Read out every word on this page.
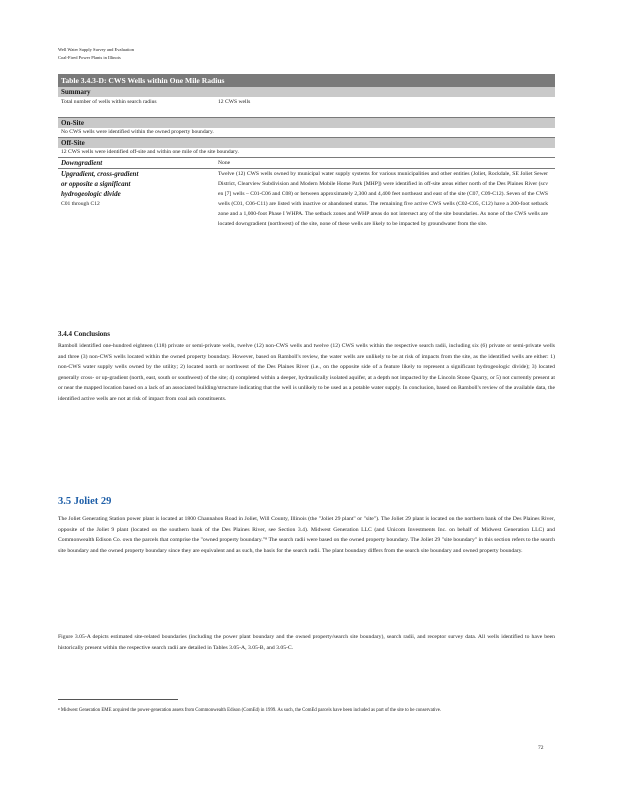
Well Water Supply Survey and Evaluation
Coal-Fired Power Plants in Illinois
Table 3.4.3-D: CWS Wells within One Mile Radius
Summary
Total number of wells within search radius	12 CWS wells
On-Site
No CWS wells were identified within the owned property boundary.
Off-Site
12 CWS wells were identified off-site and within one mile of the site boundary.
Downgradient	None
Upgradient, cross-gradient
or opposite a significant
hydrogeologic divide
C01 through C12
Twelve (12) CWS wells owned by municipal water supply systems for various municipalities and other entities (Joliet, Rockdale, SE Joliet Sewer District, Clearview Subdivision and Modern Mobile Home Park [MHP]) were identified in off-site areas either north of the Des Plaines River (scv en [7] wells – C01-C06 and C08) or between approximately 2,300 and 4,400 feet northeast and east of the site (C07, C09-C12). Seven of the CWS wells (C01, C06-C11) are listed with inactive or abandoned status. The remaining five active CWS wells (C02-C05, C12) have a 200-foot setback zone and a 1,000-foot Phase I WHPA. The setback zones and WHP areas do not intersect any of the site boundaries. As none of the CWS wells are located downgradient (northwest) of the site, none of these wells are likely to be impacted by groundwater from the site.
3.4.4 Conclusions
Ramboll identified one-hundred eighteen (118) private or semi-private wells, twelve (12) non-CWS wells and twelve (12) CWS wells within the respective search radii, including six (6) private or semi-private wells and three (3) non-CWS wells located within the owned property boundary. However, based on Ramboll's review, the water wells are unlikely to be at risk of impacts from the site, as the identified wells are either: 1) non-CWS water supply wells owned by the utility; 2) located north or northwest of the Des Plaines River (i.e., on the opposite side of a feature likely to represent a significant hydrogeologic divide); 3) located generally cross- or up-gradient (north, east, south or southwest) of the site; 4) completed within a deeper, hydraulically isolated aquifer, at a depth not impacted by the Lincoln Stone Quarry, or 5) not currently present at or near the mapped location based on a lack of an associated building/structure indicating that the well is unlikely to be used as a potable water supply. In conclusion, based on Ramboll's review of the available data, the identified active wells are not at risk of impact from coal ash constituents.
3.5 Joliet 29
The Joliet Generating Station power plant is located at 1800 Channahon Road in Joliet, Will County, Illinois (the "Joliet 29 plant" or "site"). The Joliet 29 plant is located on the northern bank of the Des Plaines River, opposite of the Joliet 9 plant (located on the southern bank of the Des Plaines River, see Section 3.4). Midwest Generation LLC (and Unicom Investments Inc. on behalf of Midwest Generation LLC) and Commonwealth Edison Co. own the parcels that comprise the "owned property boundary."⁸ The search radii were based on the owned property boundary. The Joliet 29 "site boundary" in this section refers to the search site boundary and the owned property boundary since they are equivalent and as such, the basis for the search radii. The plant boundary differs from the search site boundary and owned property boundary.
Figure 3.05-A depicts estimated site-related boundaries (including the power plant boundary and the owned property/search site boundary), search radii, and receptor survey data. All wells identified to have been historically present within the respective search radii are detailed in Tables 3.05-A, 3.05-B, and 3.05-C.
⁸ Midwest Generation EME acquired the power-generation assets from Commonwealth Edison (ComEd) in 1999. As such, the ComEd parcels have been included as part of the site to be conservative.
72
